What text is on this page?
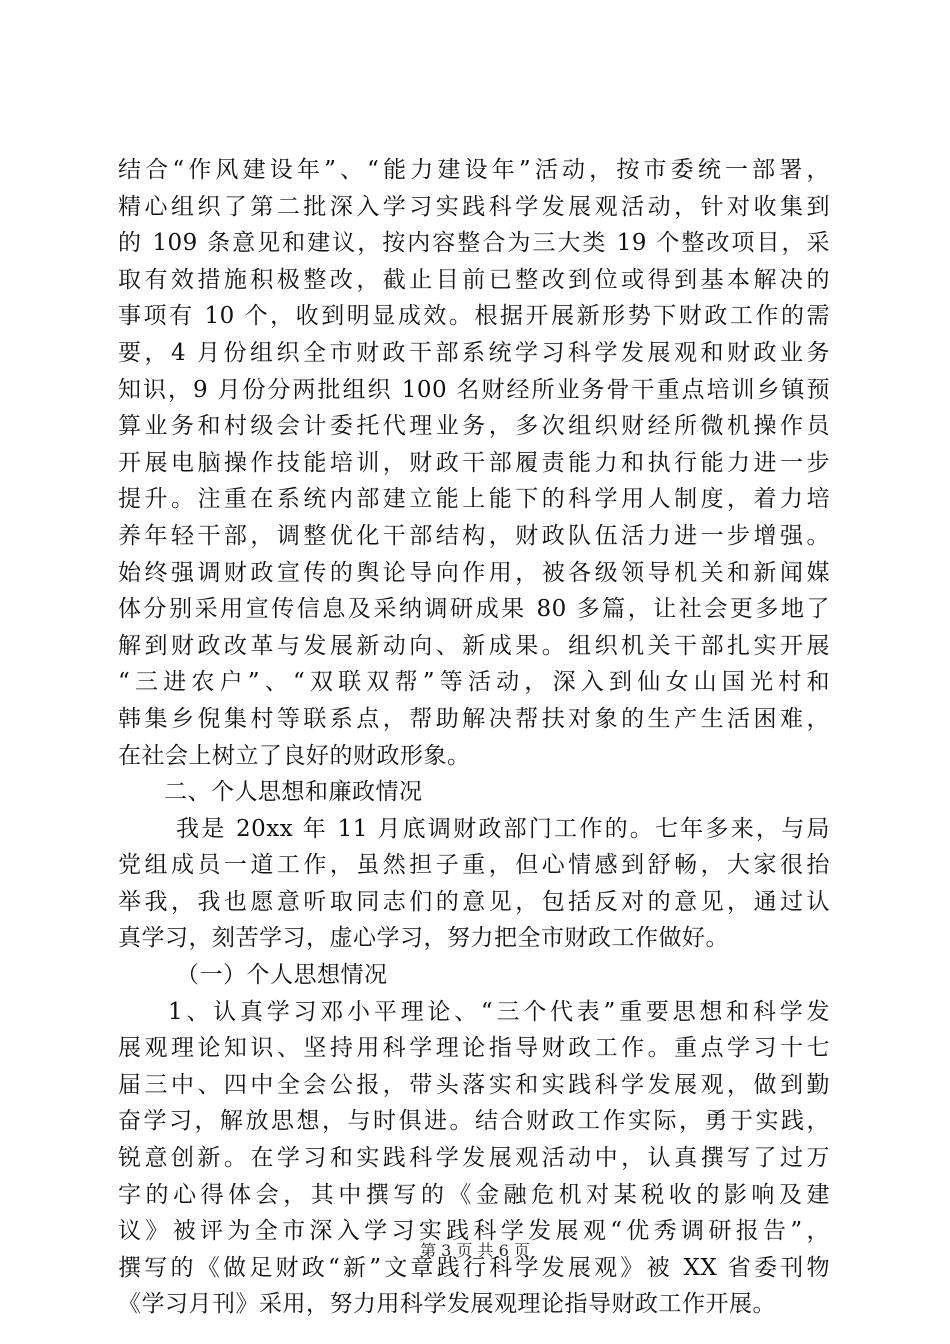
结合“作风建设年”、“能力建设年”活动，按市委统一部署，
精心组织了第二批深入学习实践科学发展观活动，针对收集到
的 109 条意见和建议，按内容整合为三大类 19 个整改项目，采
取有效措施积极整改，截止目前已整改到位或得到基本解决的
事项有 10 个，收到明显成效。根据开展新形势下财政工作的需
要，4 月份组织全市财政干部系统学习科学发展观和财政业务
知识，9 月份分两批组织 100 名财经所业务骨干重点培训乡镇预
算业务和村级会计委托代理业务，多次组织财经所微机操作员
开展电脑操作技能培训，财政干部履责能力和执行能力进一步
提升。注重在系统内部建立能上能下的科学用人制度，着力培
养年轻干部，调整优化干部结构，财政队伍活力进一步增强。
始终强调财政宣传的舆论导向作用，被各级领导机关和新闻媒
体分别采用宣传信息及采纳调研成果 80 多篇，让社会更多地了
解到财政改革与发展新动向、新成果。组织机关干部扎实开展
“三进农户”、“双联双帮”等活动，深入到仙女山国光村和
韩集乡倪集村等联系点，帮助解决帮扶对象的生产生活困难，
在社会上树立了良好的财政形象。
二、个人思想和廉政情况
我是 20xx 年 11 月底调财政部门工作的。七年多来，与局
党组成员一道工作，虽然担子重，但心情感到舒畅，大家很抬
举我，我也愿意听取同志们的意见，包括反对的意见，通过认
真学习，刻苦学习，虚心学习，努力把全市财政工作做好。
（一）个人思想情况
1、认真学习邓小平理论、“三个代表”重要思想和科学发
展观理论知识、坚持用科学理论指导财政工作。重点学习十七
届三中、四中全会公报，带头落实和实践科学发展观，做到勤
奋学习，解放思想，与时俱进。结合财政工作实际，勇于实践，
锐意创新。在学习和实践科学发展观活动中，认真撰写了过万
字的心得体会，其中撰写的《金融危机对某税收的影响及建
议》被评为全市深入学习实践科学发展观“优秀调研报告”，
撰写的《做足财政“新”文章践行科学发展观》被 XX 省委刊物
《学习月刊》采用，努力用科学发展观理论指导财政工作开展。
第 3 页 共 6 页
